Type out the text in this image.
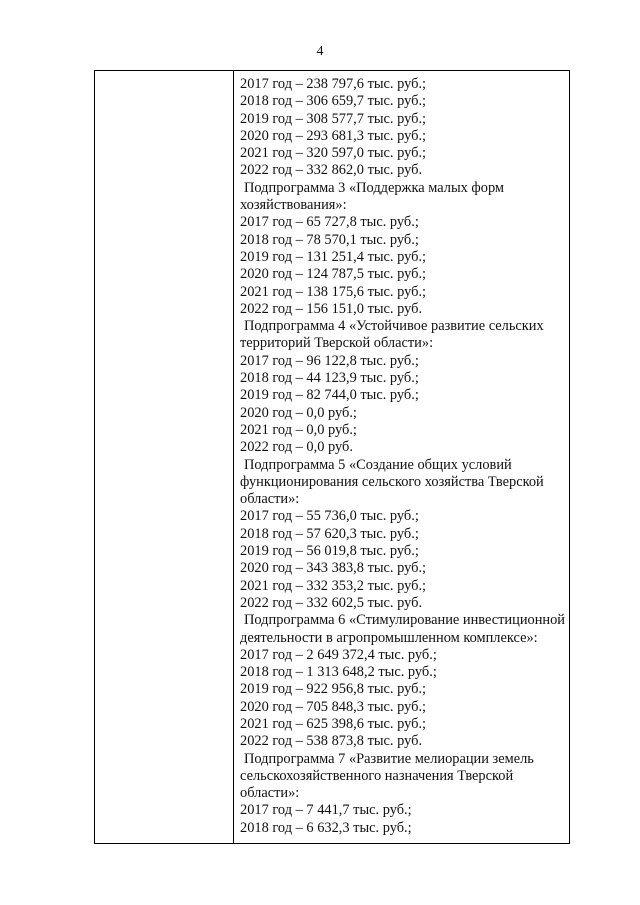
4
2017 год – 238 797,6 тыс. руб.;
2018 год – 306 659,7 тыс. руб.;
2019 год – 308 577,7 тыс. руб.;
2020 год – 293 681,3 тыс. руб.;
2021 год – 320 597,0 тыс. руб.;
2022 год – 332 862,0 тыс. руб.
Подпрограмма 3 «Поддержка малых форм
хозяйствования»:
2017 год – 65 727,8 тыс. руб.;
2018 год – 78 570,1 тыс. руб.;
2019 год – 131 251,4 тыс. руб.;
2020 год – 124 787,5 тыс. руб.;
2021 год – 138 175,6 тыс. руб.;
2022 год – 156 151,0 тыс. руб.
Подпрограмма 4 «Устойчивое развитие сельских
территорий Тверской области»:
2017 год – 96 122,8 тыс. руб.;
2018 год – 44 123,9 тыс. руб.;
2019 год – 82 744,0 тыс. руб.;
2020 год – 0,0 руб.;
2021 год – 0,0 руб.;
2022 год – 0,0 руб.
Подпрограмма 5 «Создание общих условий
функционирования сельского хозяйства Тверской
области»:
2017 год – 55 736,0 тыс. руб.;
2018 год – 57 620,3 тыс. руб.;
2019 год – 56 019,8 тыс. руб.;
2020 год – 343 383,8 тыс. руб.;
2021 год – 332 353,2 тыс. руб.;
2022 год – 332 602,5 тыс. руб.
Подпрограмма 6 «Стимулирование инвестиционной
деятельности в агропромышленном комплексе»:
2017 год – 2 649 372,4 тыс. руб.;
2018 год – 1 313 648,2 тыс. руб.;
2019 год – 922 956,8 тыс. руб.;
2020 год – 705 848,3 тыс. руб.;
2021 год – 625 398,6 тыс. руб.;
2022 год – 538 873,8 тыс. руб.
Подпрограмма 7 «Развитие мелиорации земель
сельскохозяйственного назначения Тверской
области»:
2017 год – 7 441,7 тыс. руб.;
2018 год – 6 632,3 тыс. руб.;
